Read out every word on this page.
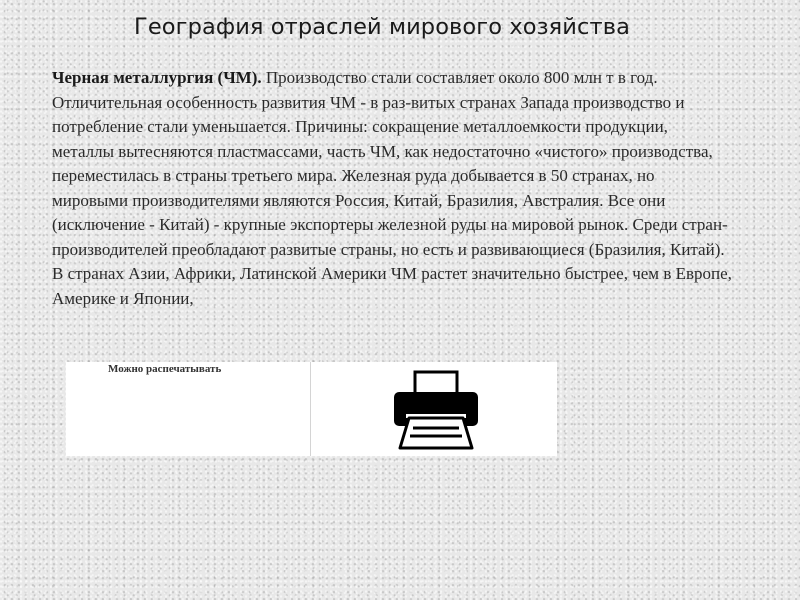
География отраслей мирового хозяйства

Черная металлургия (ЧМ). Производство стали составляет около 800 млн т в год. Отличительная особенность развития ЧМ - в раз-витых странах Запада производство и потребление стали уменьшается. Причины: сокращение металлоемкости продукции, металлы вытесняются пластмассами, часть ЧМ, как недостаточно «чистого» производства, переместилась в страны третьего мира. Железная руда добывается в 50 странах, но мировыми производителями являются Россия, Китай, Бразилия, Австралия. Все они (исключение - Китай) - крупные экспортеры железной руды на мировой рынок. Среди стран-производителей преобладают развитые страны, но есть и развивающиеся (Бразилия, Китай). В странах Азии, Африки, Латинской Америки ЧМ растет значительно быстрее, чем в Европе, Америке и Японии,

Можно распечатывать
